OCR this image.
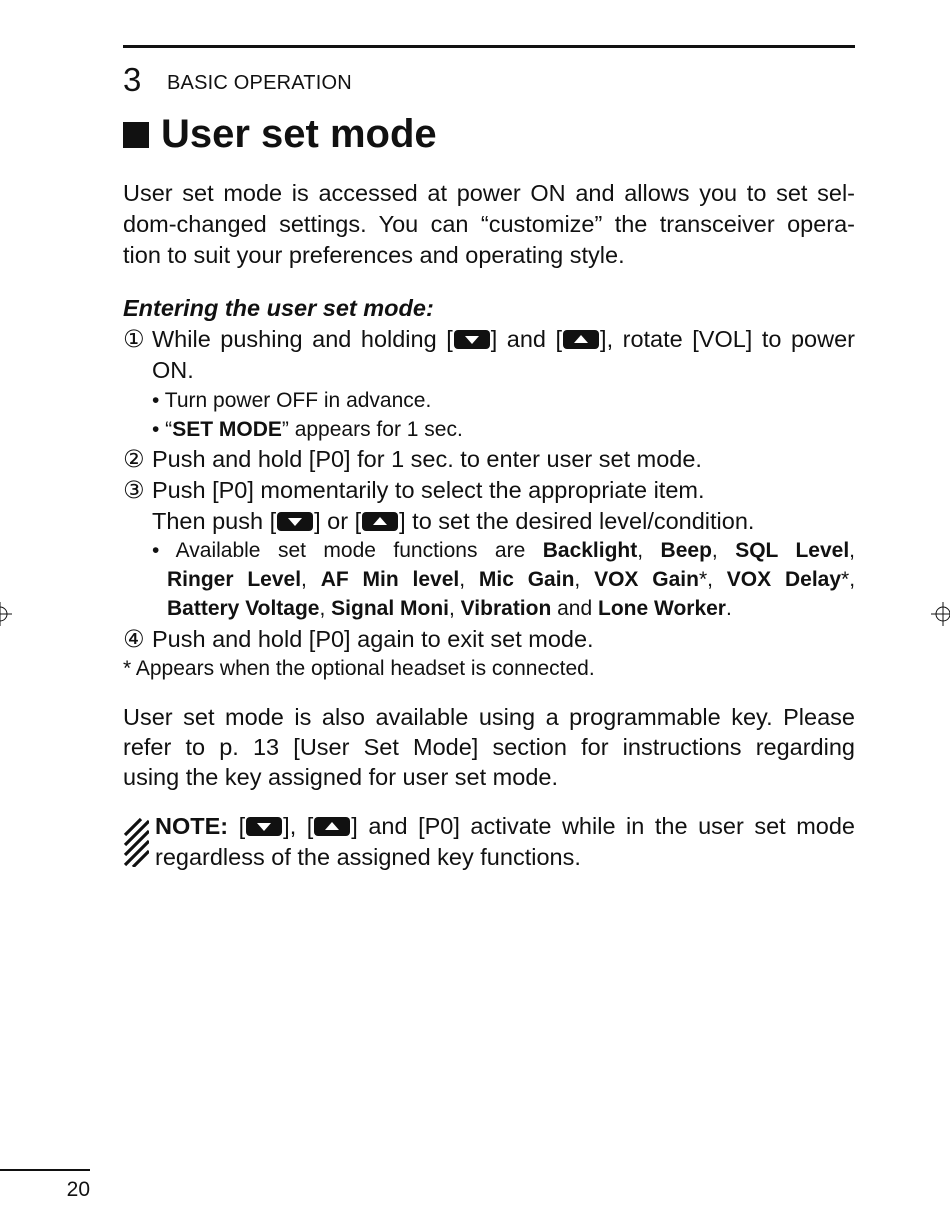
3 BASIC OPERATION
User set mode
User set mode is accessed at power ON and allows you to set sel-
dom-changed settings. You can “customize” the transceiver opera-
tion to suit your preferences and operating style.
Entering the user set mode:
① While pushing and holding [ ] and [ ], rotate [VOL] to power
ON.
• Turn power OFF in advance.
• “SET MODE” appears for 1 sec.
② Push and hold [P0] for 1 sec. to enter user set mode.
③ Push [P0] momentarily to select the appropriate item.
Then push [ ] or [ ] to set the desired level/condition.
• Available set mode functions are Backlight, Beep, SQL Level,
Ringer Level, AF Min level, Mic Gain, VOX Gain*, VOX Delay*,
Battery Voltage, Signal Moni, Vibration and Lone Worker.
④ Push and hold [P0] again to exit set mode.
* Appears when the optional headset is connected.
User set mode is also available using a programmable key. Please
refer to p. 13 [User Set Mode] section for instructions regarding
using the key assigned for user set mode.
NOTE: [ ], [ ] and [P0] activate while in the user set mode
regardless of the assigned key functions.
20
